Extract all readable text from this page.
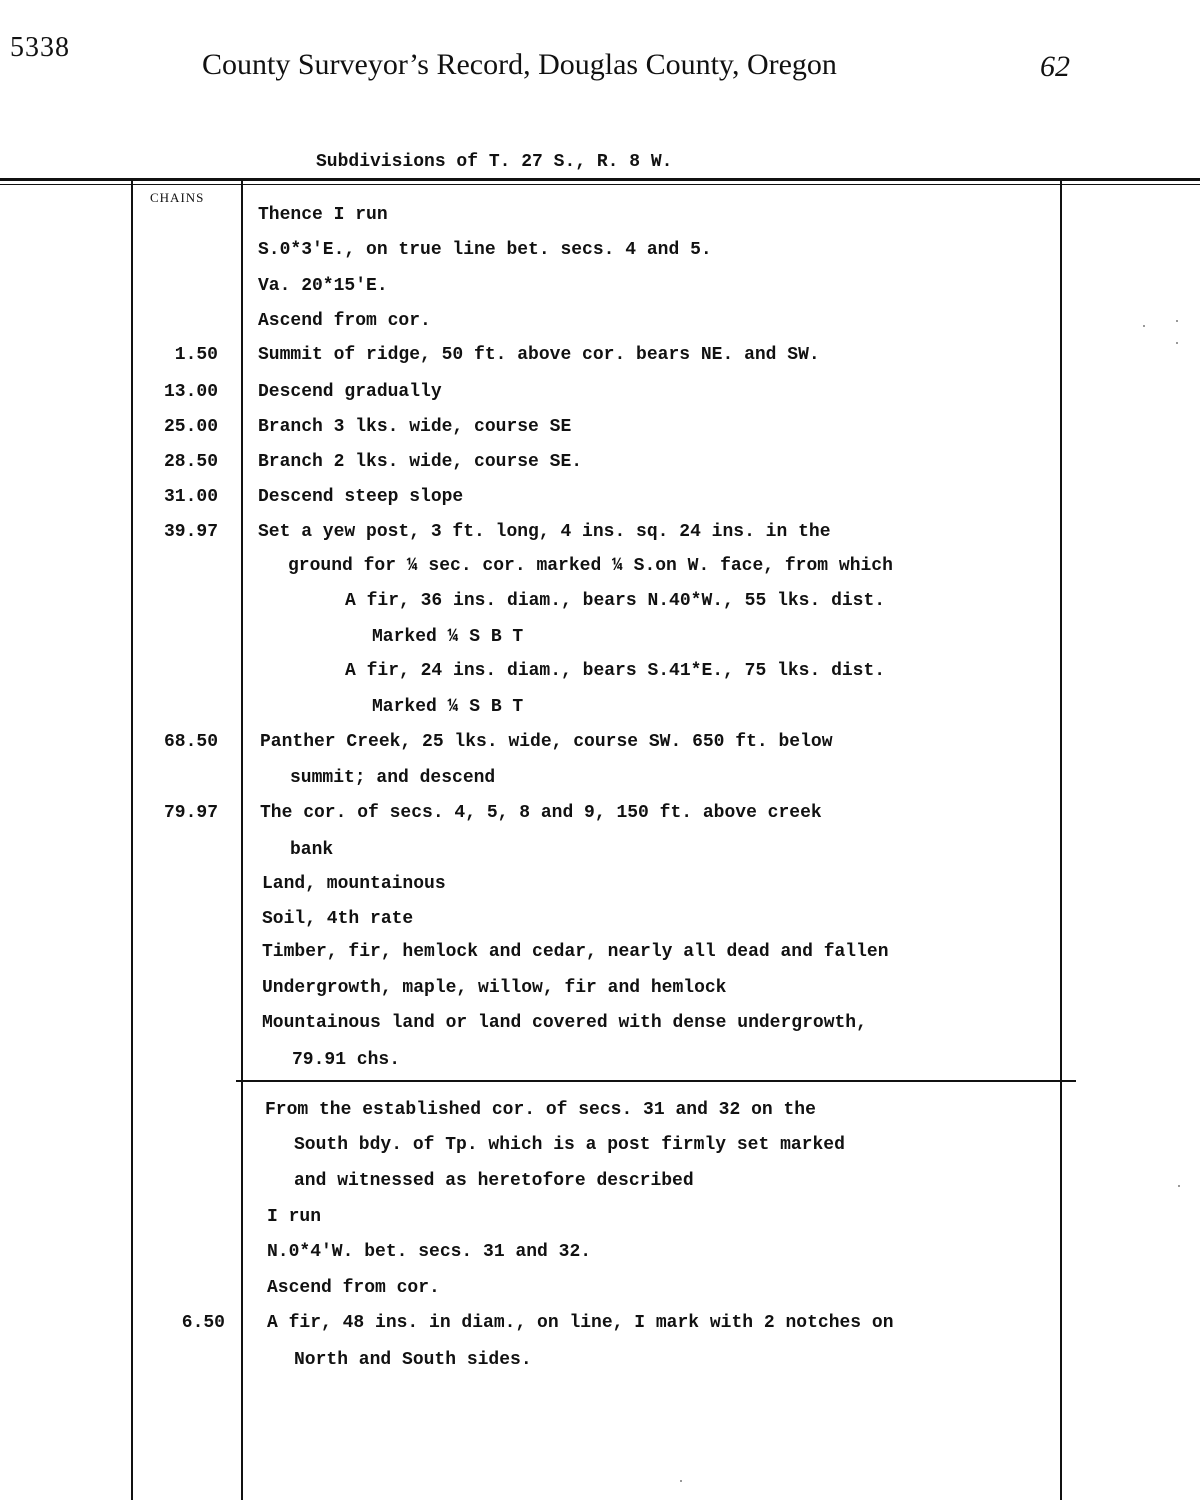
5338
County Surveyor’s Record, Douglas County, Oregon	62
Subdivisions of T. 27 S., R. 8 W.
CHAINS
Thence I run
S.0*3'E., on true line bet. secs. 4 and 5.
Va. 20*15'E.
Ascend from cor.
1.50 Summit of ridge, 50 ft. above cor. bears NE. and SW.
13.00 Descend gradually
25.00 Branch 3 lks. wide, course SE
28.50 Branch 2 lks. wide, course SE.
31.00 Descend steep slope
39.97 Set a yew post, 3 ft. long, 4 ins. sq. 24 ins. in the
ground for ¼ sec. cor. marked ¼ S.on W. face, from which
A fir, 36 ins. diam., bears N.40*W., 55 lks. dist.
Marked ¼ S B T
A fir, 24 ins. diam., bears S.41*E., 75 lks. dist.
Marked ¼ S B T
68.50 Panther Creek, 25 lks. wide, course SW. 650 ft. below
summit; and descend
79.97 The cor. of secs. 4, 5, 8 and 9, 150 ft. above creek
bank
Land, mountainous
Soil, 4th rate
Timber, fir, hemlock and cedar, nearly all dead and fallen
Undergrowth, maple, willow, fir and hemlock
Mountainous land or land covered with dense undergrowth,
79.91 chs.
From the established cor. of secs. 31 and 32 on the
South bdy. of Tp. which is a post firmly set marked
and witnessed as heretofore described
I run
N.0*4'W. bet. secs. 31 and 32.
Ascend from cor.
6.50 A fir, 48 ins. in diam., on line, I mark with 2 notches on
North and South sides.
